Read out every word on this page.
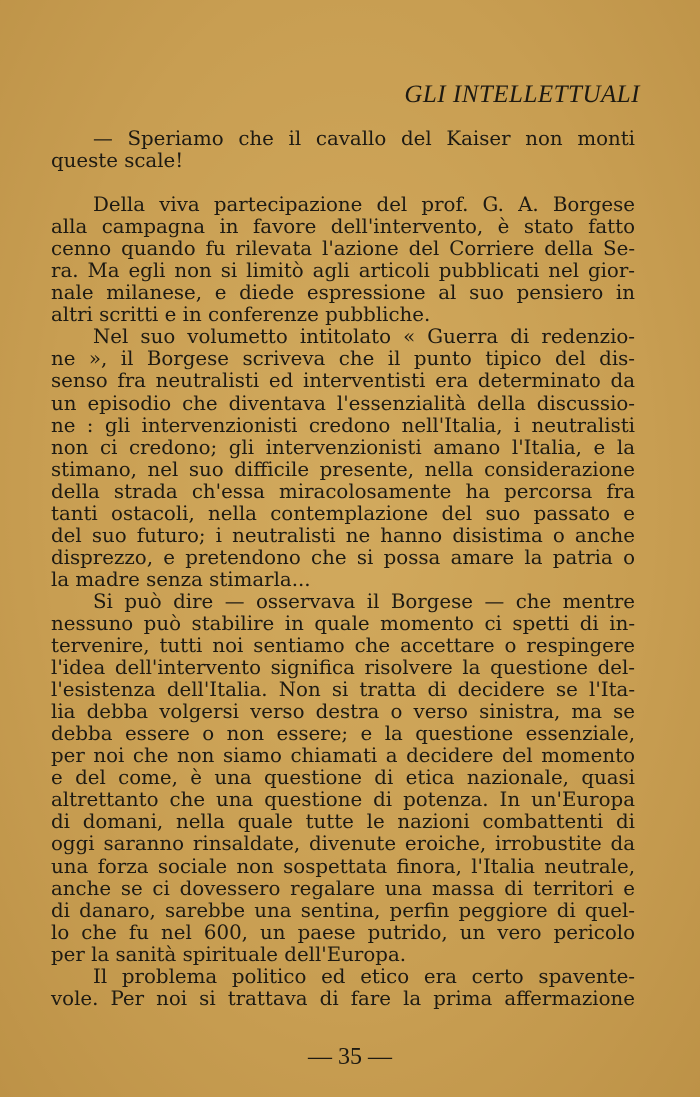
GLI INTELLETTUALI
— Speriamo che il cavallo del Kaiser non monti
queste scale!
Della viva partecipazione del prof. G. A. Borgese
alla campagna in favore dell'intervento, è stato fatto
cenno quando fu rilevata l'azione del Corriere della Se-
ra. Ma egli non si limitò agli articoli pubblicati nel gior-
nale milanese, e diede espressione al suo pensiero in
altri scritti e in conferenze pubbliche.
Nel suo volumetto intitolato « Guerra di redenzio-
ne », il Borgese scriveva che il punto tipico del dis-
senso fra neutralisti ed interventisti era determinato da
un episodio che diventava l'essenzialità della discussio-
ne : gli intervenzionisti credono nell'Italia, i neutralisti
non ci credono; gli intervenzionisti amano l'Italia, e la
stimano, nel suo difficile presente, nella considerazione
della strada ch'essa miracolosamente ha percorsa fra
tanti ostacoli, nella contemplazione del suo passato e
del suo futuro; i neutralisti ne hanno disistima o anche
disprezzo, e pretendono che si possa amare la patria o
la madre senza stimarla...
Si può dire — osservava il Borgese — che mentre
nessuno può stabilire in quale momento ci spetti di in-
tervenire, tutti noi sentiamo che accettare o respingere
l'idea dell'intervento significa risolvere la questione del-
l'esistenza dell'Italia. Non si tratta di decidere se l'Ita-
lia debba volgersi verso destra o verso sinistra, ma se
debba essere o non essere; e la questione essenziale,
per noi che non siamo chiamati a decidere del momento
e del come, è una questione di etica nazionale, quasi
altrettanto che una questione di potenza. In un'Europa
di domani, nella quale tutte le nazioni combattenti di
oggi saranno rinsaldate, divenute eroiche, irrobustite da
una forza sociale non sospettata finora, l'Italia neutrale,
anche se ci dovessero regalare una massa di territori e
di danaro, sarebbe una sentina, perfin peggiore di quel-
lo che fu nel 600, un paese putrido, un vero pericolo
per la sanità spirituale dell'Europa.
Il problema politico ed etico era certo spavente-
vole. Per noi si trattava di fare la prima affermazione
— 35 —
